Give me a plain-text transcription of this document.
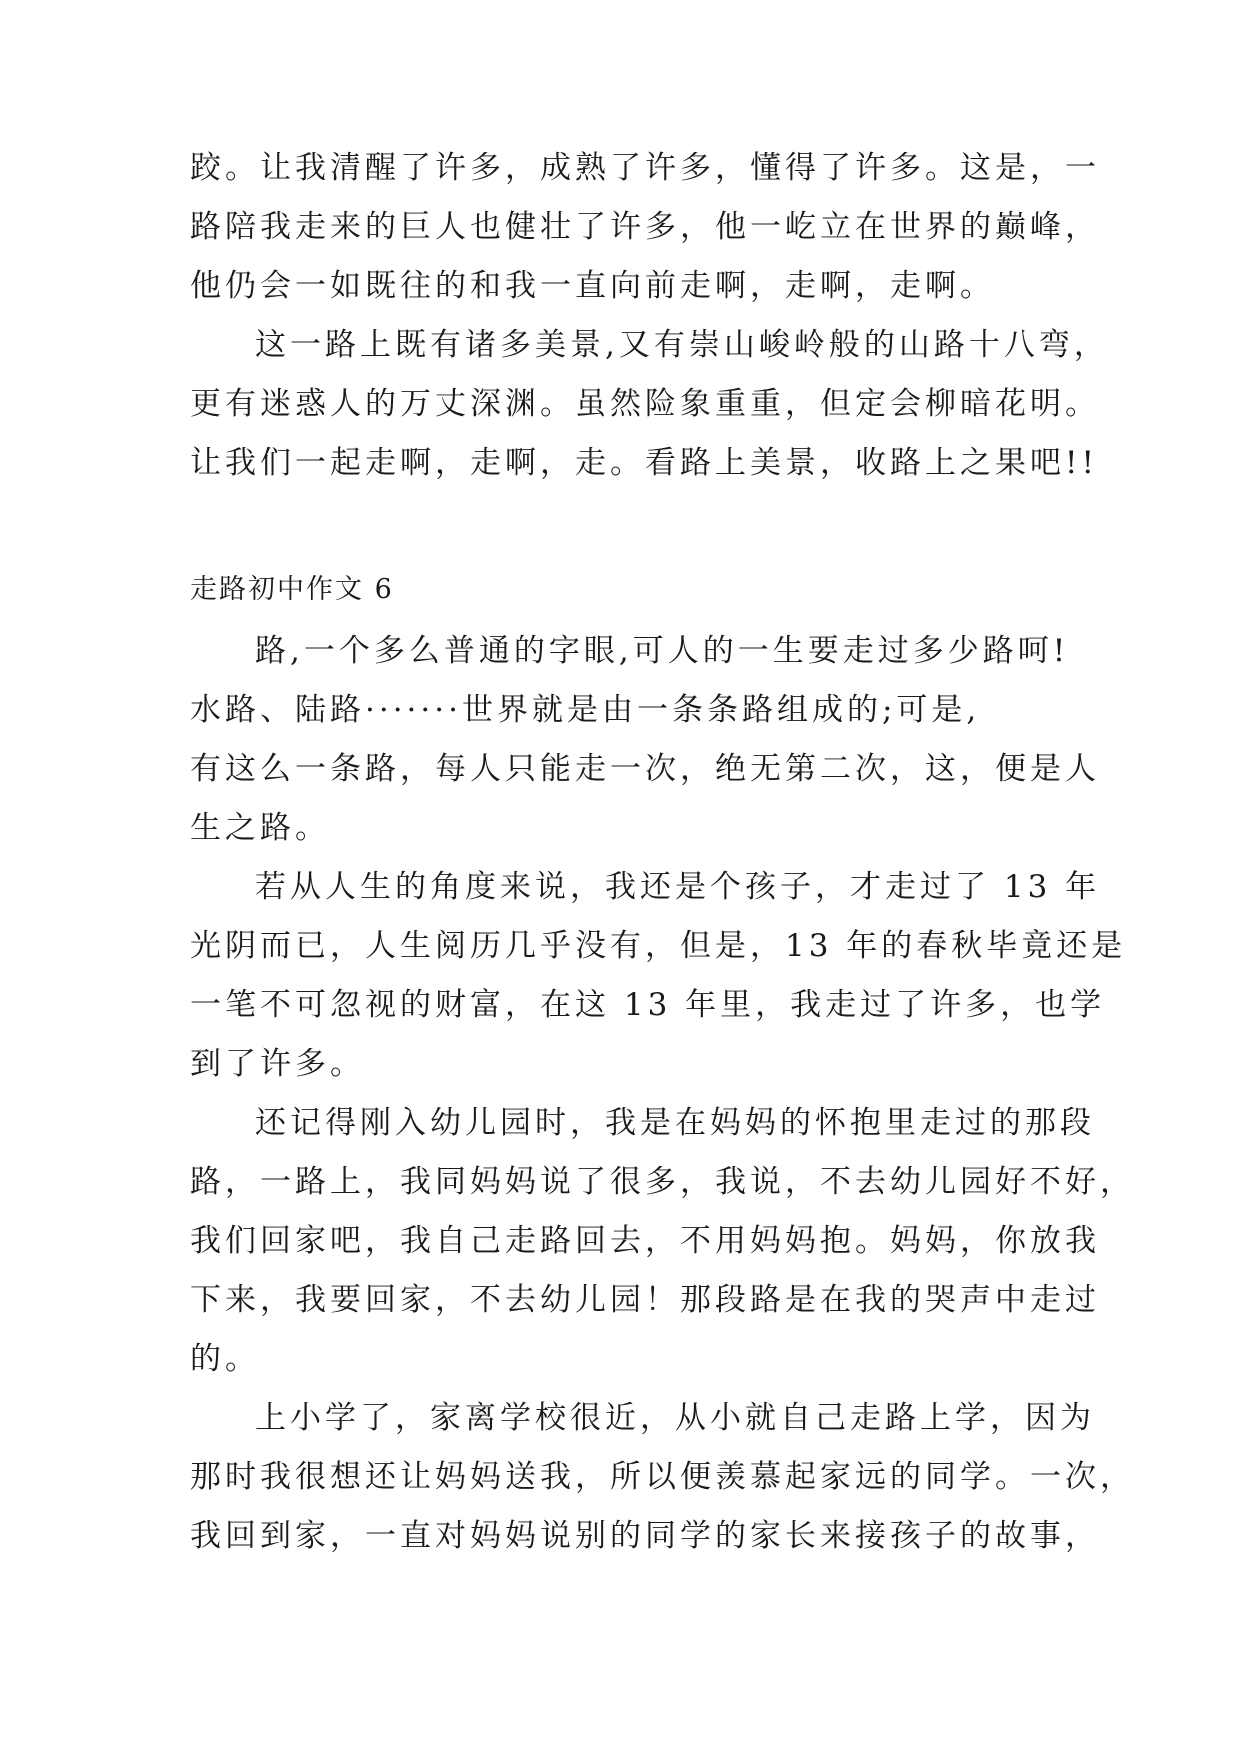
跤。让我清醒了许多，成熟了许多，懂得了许多。这是，一
路陪我走来的巨人也健壮了许多，他一屹立在世界的巅峰，
他仍会一如既往的和我一直向前走啊，走啊，走啊。
这一路上既有诸多美景,又有崇山峻岭般的山路十八弯，
更有迷惑人的万丈深渊。虽然险象重重，但定会柳暗花明。
让我们一起走啊，走啊，走。看路上美景，收路上之果吧!!
走路初中作文 6
路,一个多么普通的字眼,可人的一生要走过多少路呵!
水路、陆路·······世界就是由一条条路组成的;可是,
有这么一条路，每人只能走一次，绝无第二次，这，便是人
生之路。
若从人生的角度来说，我还是个孩子，才走过了 13 年
光阴而已，人生阅历几乎没有，但是，13 年的春秋毕竟还是
一笔不可忽视的财富，在这 13 年里，我走过了许多，也学
到了许多。
还记得刚入幼儿园时，我是在妈妈的怀抱里走过的那段
路，一路上，我同妈妈说了很多，我说，不去幼儿园好不好，
我们回家吧，我自己走路回去，不用妈妈抱。妈妈，你放我
下来，我要回家，不去幼儿园！那段路是在我的哭声中走过
的。
上小学了，家离学校很近，从小就自己走路上学，因为
那时我很想还让妈妈送我，所以便羡慕起家远的同学。一次，
我回到家，一直对妈妈说别的同学的家长来接孩子的故事，
